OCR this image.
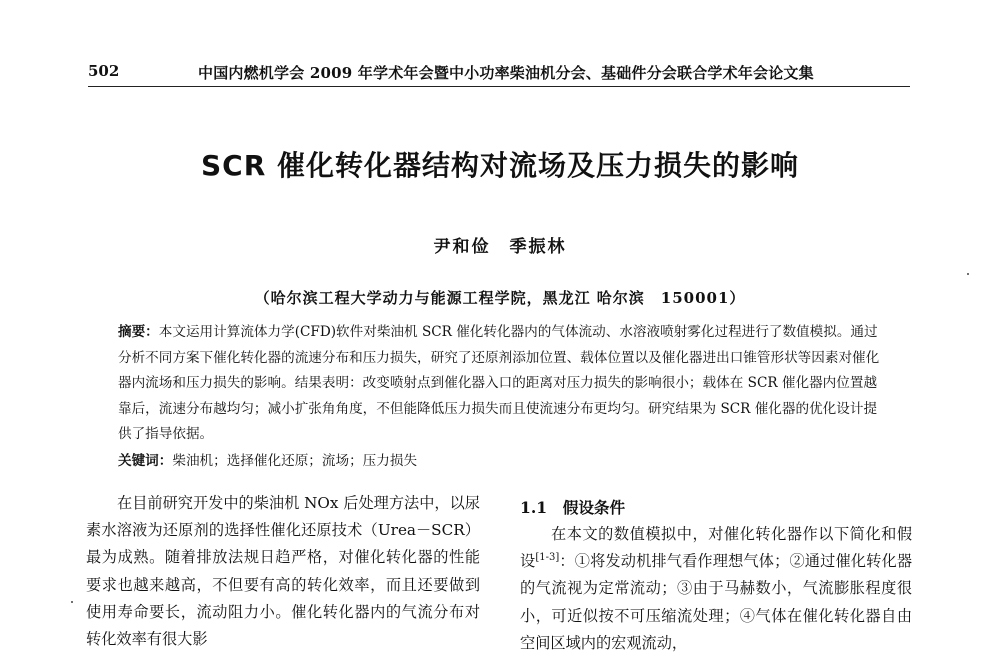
502	中国内燃机学会 2009 年学术年会暨中小功率柴油机分会、基础件分会联合学术年会论文集
SCR 催化转化器结构对流场及压力损失的影响
尹和俭　季振林
（哈尔滨工程大学动力与能源工程学院，黑龙江 哈尔滨　150001）
摘要：本文运用计算流体力学(CFD)软件对柴油机 SCR 催化转化器内的气体流动、水溶液喷射雾化过程进行了数值模拟。通过分析不同方案下催化转化器的流速分布和压力损失，研究了还原剂添加位置、载体位置以及催化器进出口锥管形状等因素对催化器内流场和压力损失的影响。结果表明：改变喷射点到催化器入口的距离对压力损失的影响很小；载体在 SCR 催化器内位置越靠后，流速分布越均匀；减小扩张角角度，不但能降低压力损失而且使流速分布更均匀。研究结果为 SCR 催化器的优化设计提供了指导依据。
关键词：柴油机；选择催化还原；流场；压力损失

在目前研究开发中的柴油机 NOx 后处理方法中，以尿素水溶液为还原剂的选择性催化还原技术（Urea－SCR）最为成熟。随着排放法规日趋严格，对催化转化器的性能要求也越来越高，不但要有高的转化效率，而且还要做到使用寿命要长，流动阻力小。催化转化器内的气流分布对转化效率有很大影

1.1　假设条件

在本文的数值模拟中，对催化转化器作以下简化和假设[1-3]：①将发动机排气看作理想气体；②通过催化转化器的气流视为定常流动；③由于马赫数小，气流膨胀程度很小，可近似按不可压缩流处理；④气体在催化转化器自由空间区域内的宏观流动，
